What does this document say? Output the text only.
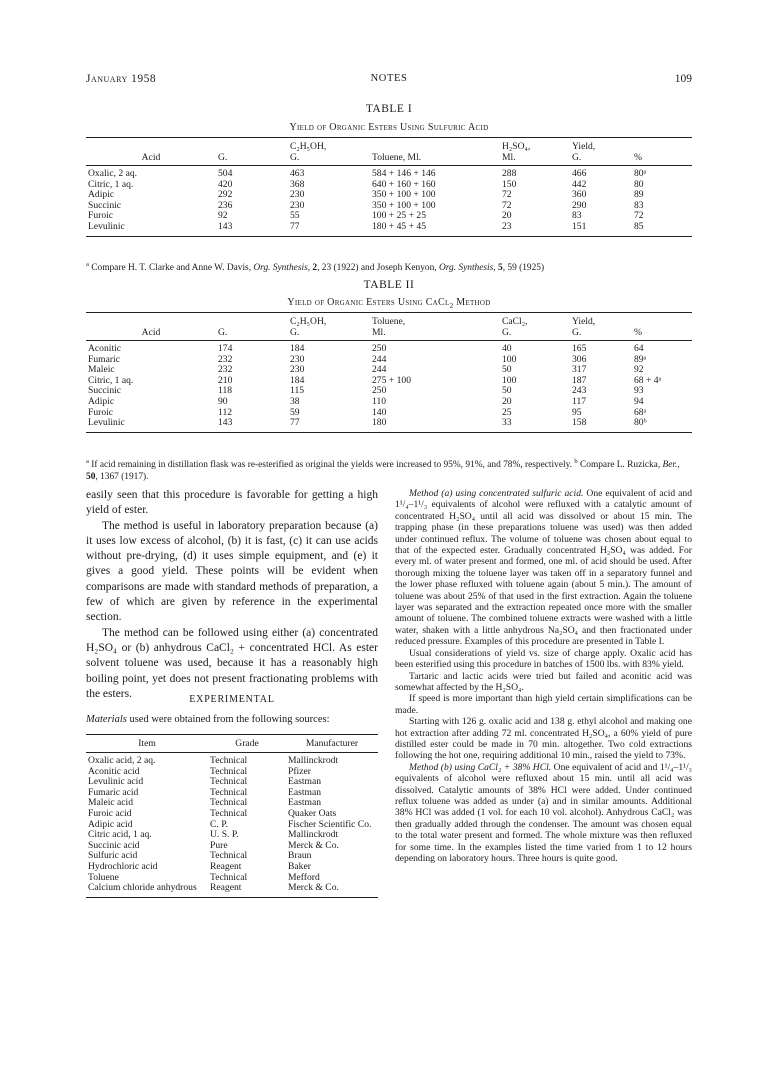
January 1958	NOTES	109
TABLE I
Yield of Organic Esters Using Sulfuric Acid
		C₂H₅OH,		H₂SO₄,	Yield,	
Acid	G.	G.	Toluene, Ml.	Ml.	G.	%
Oxalic, 2 aq.	504	463	584 + 146 + 146	288	466	80ᵃ
Citric, 1 aq.	420	368	640 + 160 + 160	150	442	80
Adipic	292	230	350 + 100 + 100	72	360	89
Succinic	236	230	350 + 100 + 100	72	290	83
Furoic	92	55	100 + 25 + 25	20	83	72
Levulinic	143	77	180 + 45 + 45	23	151	85
$^a$ Compare H. T. Clarke and Anne W. Davis, Org. Synthesis, 2, 23 (1922) and Joseph Kenyon, Org. Synthesis, 5, 59 (1925)
TABLE II
Yield of Organic Esters Using CaCl$_2$ Method
		C₂H₅OH,	Toluene,	CaCl₂,	Yield,	
Acid	G.	G.	Ml.	G.	G.	%
Aconitic	174	184	250	40	165	64
Fumaric	232	230	244	100	306	89ᵃ
Maleic	232	230	244	50	317	92
Citric, 1 aq.	210	184	275 + 100	100	187	68 + 4ᵃ
Succinic	118	115	250	50	243	93
Adipic	90	38	110	20	117	94
Furoic	112	59	140	25	95	68ᵃ
Levulinic	143	77	180	33	158	80ᵇ
$^a$ If acid remaining in distillation flask was re-esterified as original the yields were increased to 95%, 91%, and 78%, respectively. $^b$ Compare L. Ruzicka, Ber., 50, 1367 (1917).

easily seen that this procedure is favorable for getting a high yield of ester.

The method is useful in laboratory preparation because (a) it uses low excess of alcohol, (b) it is fast, (c) it can use acids without pre-drying, (d) it uses simple equipment, and (e) it gives a good yield. These points will be evident when comparisons are made with standard methods of preparation, a few of which are given by reference in the experimental section.

The method can be followed using either (a) concentrated H₂SO₄ or (b) anhydrous CaCl₂ + concentrated HCl. As ester solvent toluene was used, because it has a reasonably high boiling point, yet does not present fractionating problems with the esters.	EXPERIMENTAL
Materials used were obtained from the following sources:
Item	Grade	Manufacturer
Oxalic acid, 2 aq.	Technical	Mallinckrodt
Aconitic acid	Technical	Pfizer
Levulinic acid	Technical	Eastman
Fumaric acid	Technical	Eastman
Maleic acid	Technical	Eastman
Furoic acid	Technical	Quaker Oats
Adipic acid	C. P.	Fischer Scientific Co.
Citric acid, 1 aq.	U. S. P.	Mallinckrodt
Succinic acid	Pure	Merck & Co.
Sulfuric acid	Technical	Braun
Hydrochloric acid	Reagent	Baker
Toluene	Technical	Mefford
Calcium chloride anhydrous	Reagent	Merck & Co.

Method (a) using concentrated sulfuric acid. One equivalent of acid and 1¹/₄–1¹/₃ equivalents of alcohol were refluxed with a catalytic amount of concentrated H₂SO₄ until all acid was dissolved or about 15 min. The trapping phase (in these preparations toluene was used) was then added under continued reflux. The volume of toluene was chosen about equal to that of the expected ester. Gradually concentrated H₂SO₄ was added. For every ml. of water present and formed, one ml. of acid should be used. After thorough mixing the toluene layer was taken off in a separatory funnel and the lower phase refluxed with toluene again (about 5 min.). The amount of toluene was about 25% of that used in the first extraction. Again the toluene layer was separated and the extraction repeated once more with the smaller amount of toluene. The combined toluene extracts were washed with a little water, shaken with a little anhydrous Na₂SO₄ and then fractionated under reduced pressure. Examples of this procedure are presented in Table I.

Usual considerations of yield vs. size of charge apply. Oxalic acid has been esterified using this procedure in batches of 1500 lbs. with 83% yield.

Tartaric and lactic acids were tried but failed and aconitic acid was somewhat affected by the H₂SO₄.

If speed is more important than high yield certain simplifications can be made.

Starting with 126 g. oxalic acid and 138 g. ethyl alcohol and making one hot extraction after adding 72 ml. concentrated H₂SO₄, a 60% yield of pure distilled ester could be made in 70 min. altogether. Two cold extractions following the hot one, requiring additional 10 min., raised the yield to 73%.

Method (b) using CaCl₂ + 38% HCl. One equivalent of acid and 1¹/₄–1¹/₃ equivalents of alcohol were refluxed about 15 min. until all acid was dissolved. Catalytic amounts of 38% HCl were added. Under continued reflux toluene was added as under (a) and in similar amounts. Additional 38% HCl was added (1 vol. for each 10 vol. alcohol). Anhydrous CaCl₂ was then gradually added through the condenser. The amount was chosen equal to the total water present and formed. The whole mixture was then refluxed for some time. In the examples listed the time varied from 1 to 12 hours depending on laboratory hours. Three hours is quite good.
